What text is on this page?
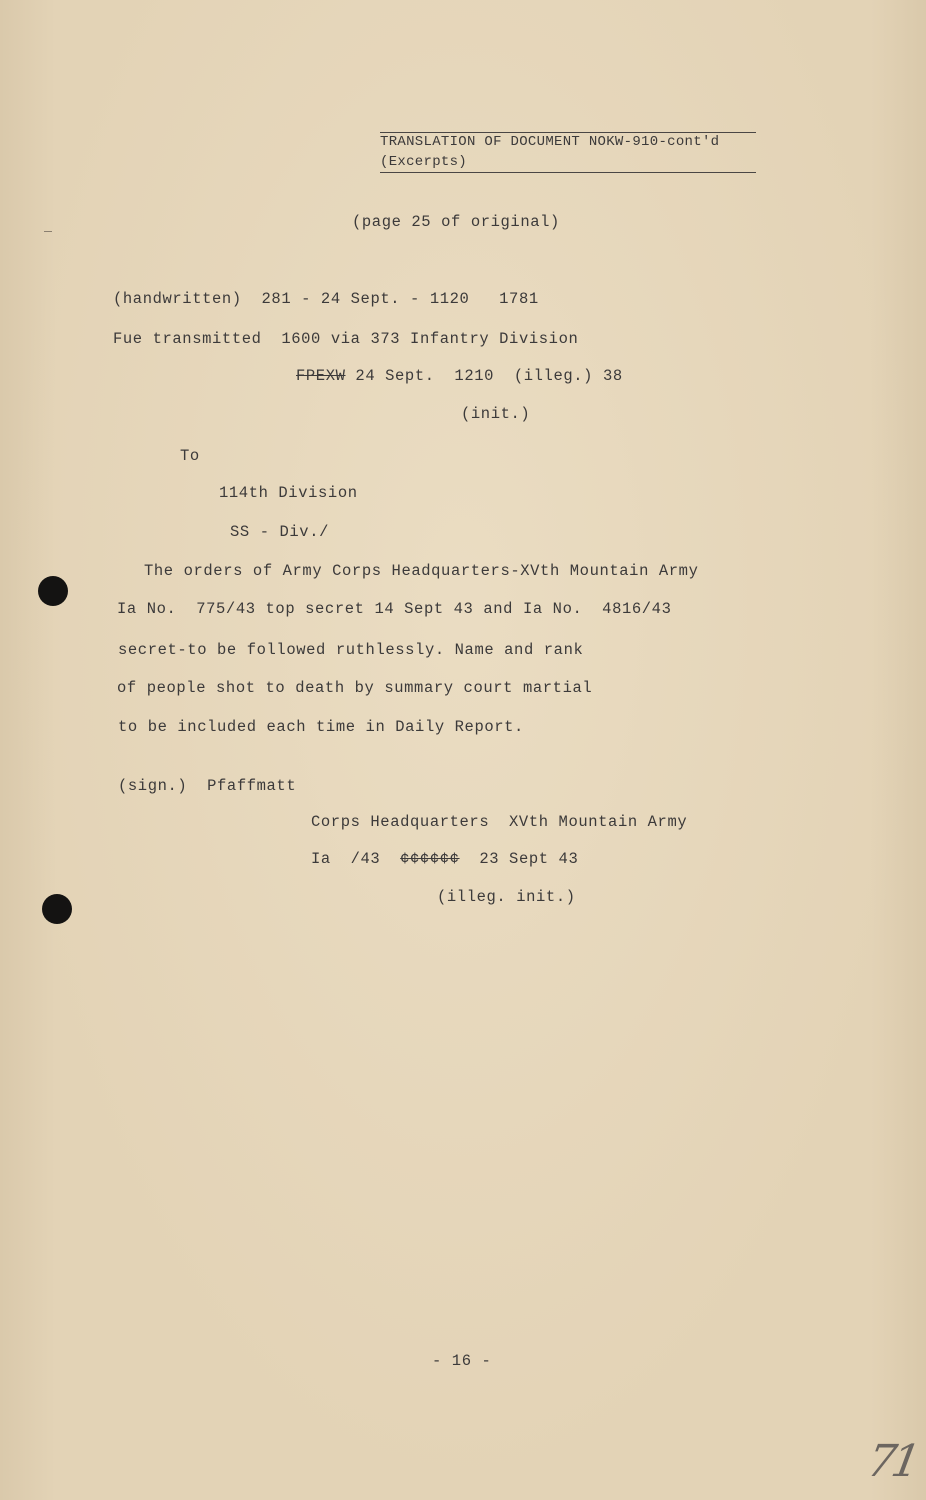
TRANSLATION OF DOCUMENT NOKW-910-cont'd
(Excerpts)
(page 25 of original)
(handwritten)  281 - 24 Sept. - 1120   1781
Fue transmitted  1600 via 373 Infantry Division
FPEXW 24 Sept.  1210  (illeg.) 38
(init.)
To
114th Division
SS - Div./
The orders of Army Corps Headquarters-XVth Mountain Army
Ia No.  775/43 top secret 14 Sept 43 and Ia No.  4816/43
secret-to be followed ruthlessly. Name and rank
of people shot to death by summary court martial
to be included each time in Daily Report.
(sign.)  Pfaffmatt
Corps Headquarters  XVth Mountain Army
Ia  /43  ¢¢¢¢¢¢  23 Sept 43
(illeg. init.)
- 16 -
71
